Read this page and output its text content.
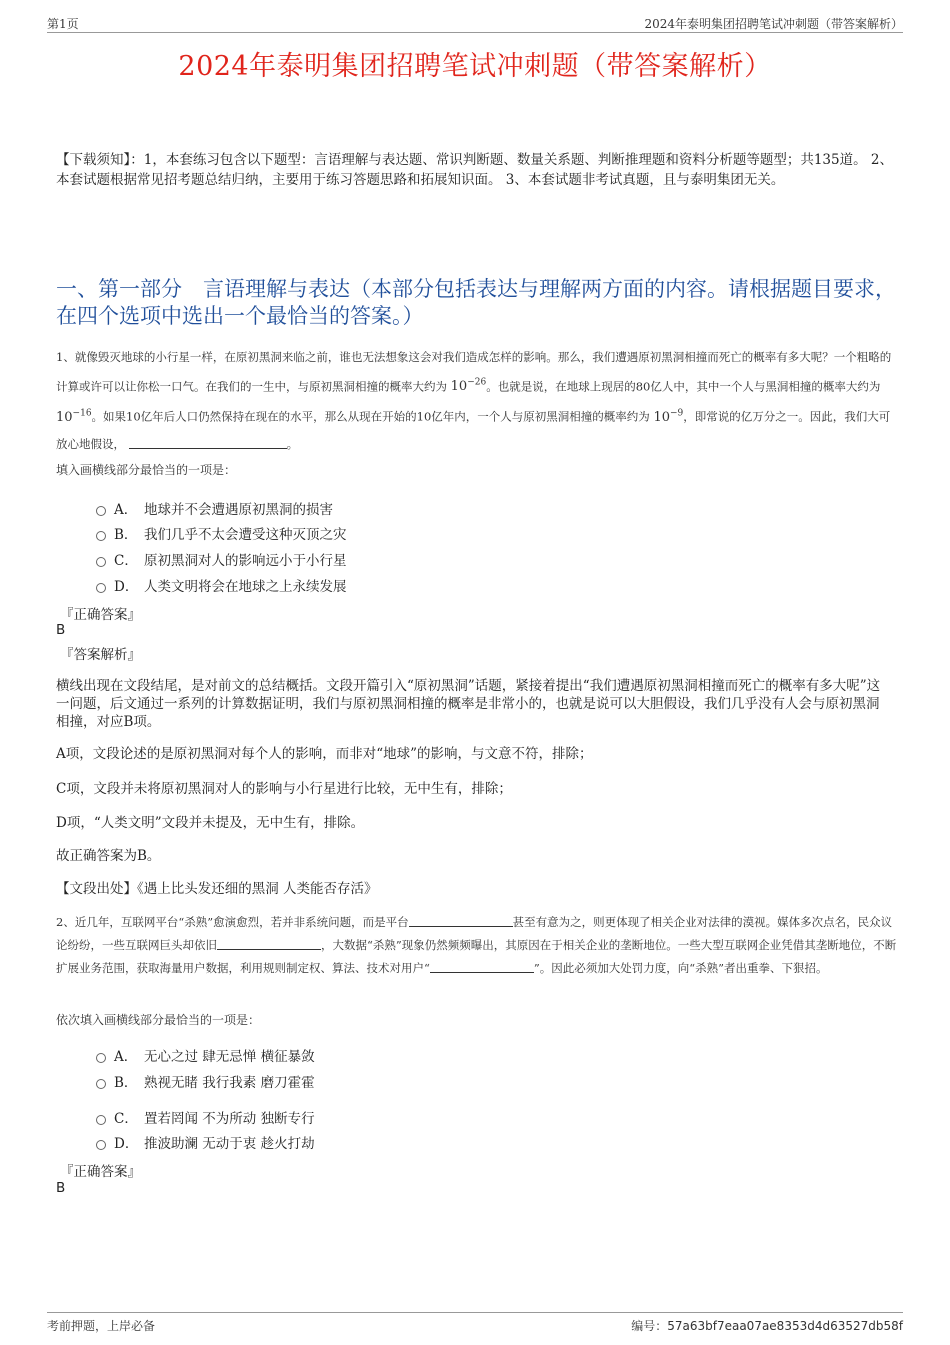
第1页	2024年泰明集团招聘笔试冲刺题（带答案解析）
2024年泰明集团招聘笔试冲刺题（带答案解析）
【下载须知】：1，本套练习包含以下题型：言语理解与表达题、常识判断题、数量关系题、判断推理题和资料分析题等题型；共135道。 2、本套试题根据常见招考题总结归纳，主要用于练习答题思路和拓展知识面。 3、本套试题非考试真题，且与泰明集团无关。
一、第一部分　言语理解与表达（本部分包括表达与理解两方面的内容。请根据题目要求，在四个选项中选出一个最恰当的答案。）
1、就像毁灭地球的小行星一样，在原初黑洞来临之前，谁也无法想象这会对我们造成怎样的影响。那么，我们遭遇原初黑洞相撞而死亡的概率有多大呢？一个粗略的计算或许可以让你松一口气。在我们的一生中，与原初黑洞相撞的概率大约为 $10^{-26}$。也就是说，在地球上现居的80亿人中，其中一个人与黑洞相撞的概率大约为 $10^{-16}$。如果10亿年后人口仍然保持在现在的水平，那么从现在开始的10亿年内，一个人与原初黑洞相撞的概率约为 $10^{-9}$，即常说的亿万分之一。因此，我们大可放心地假设，	。
填入画横线部分最恰当的一项是：
A． 地球并不会遭遇原初黑洞的损害
B． 我们几乎不太会遭受这种灭顶之灾
C． 原初黑洞对人的影响远小于小行星
D． 人类文明将会在地球之上永续发展
『正确答案』
B
『答案解析』
横线出现在文段结尾，是对前文的总结概括。文段开篇引入“原初黑洞”话题，紧接着提出“我们遭遇原初黑洞相撞而死亡的概率有多大呢”这一问题，后文通过一系列的计算数据证明，我们与原初黑洞相撞的概率是非常小的，也就是说可以大胆假设，我们几乎没有人会与原初黑洞相撞，对应B项。
A项，文段论述的是原初黑洞对每个人的影响，而非对“地球”的影响，与文意不符，排除；
C项，文段并未将原初黑洞对人的影响与小行星进行比较，无中生有，排除；
D项，“人类文明”文段并未提及，无中生有，排除。
故正确答案为B。
【文段出处】《遇上比头发还细的黑洞 人类能否存活》
2、近几年，互联网平台“杀熟”愈演愈烈，若并非系统问题，而是平台	甚至有意为之，则更体现了相关企业对法律的漠视。媒体多次点名，民众议论纷纷，一些互联网巨头却依旧	，大数据“杀熟”现象仍然频频曝出，其原因在于相关企业的垄断地位。一些大型互联网企业凭借其垄断地位，不断扩展业务范围，获取海量用户数据，利用规则制定权、算法、技术对用户“	”。因此必须加大处罚力度，向“杀熟”者出重拳、下狠招。
依次填入画横线部分最恰当的一项是：
A． 无心之过 肆无忌惮 横征暴敛
B． 熟视无睹 我行我素 磨刀霍霍
C． 置若罔闻 不为所动 独断专行
D． 推波助澜 无动于衷 趁火打劫
『正确答案』
B
考前押题，上岸必备	编号：57a63bf7eaa07ae8353d4d63527db58f
